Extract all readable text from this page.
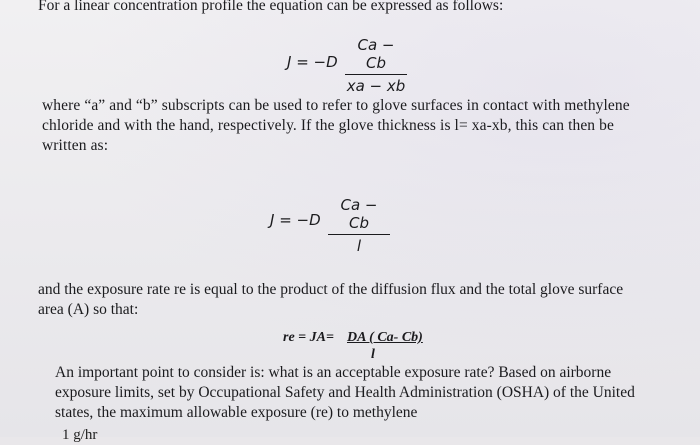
For a linear concentration profile the equation can be expressed as follows:
J = −D
Ca − Cb
xa − xb
where “a” and “b” subscripts can be used to refer to glove surfaces in contact with methylene chloride and with the hand, respectively. If the glove thickness is l= xa-xb, this can then be written as:
J = −D
Ca − Cb
l
and the exposure rate re is equal to the product of the diffusion flux and the total glove surface area (A) so that:
re = JA= DA ( Ca- Cb)
l
An important point to consider is: what is an acceptable exposure rate? Based on airborne exposure limits, set by Occupational Safety and Health Administration (OSHA) of the United states, the maximum allowable exposure (re) to methylene
1 g/hr
